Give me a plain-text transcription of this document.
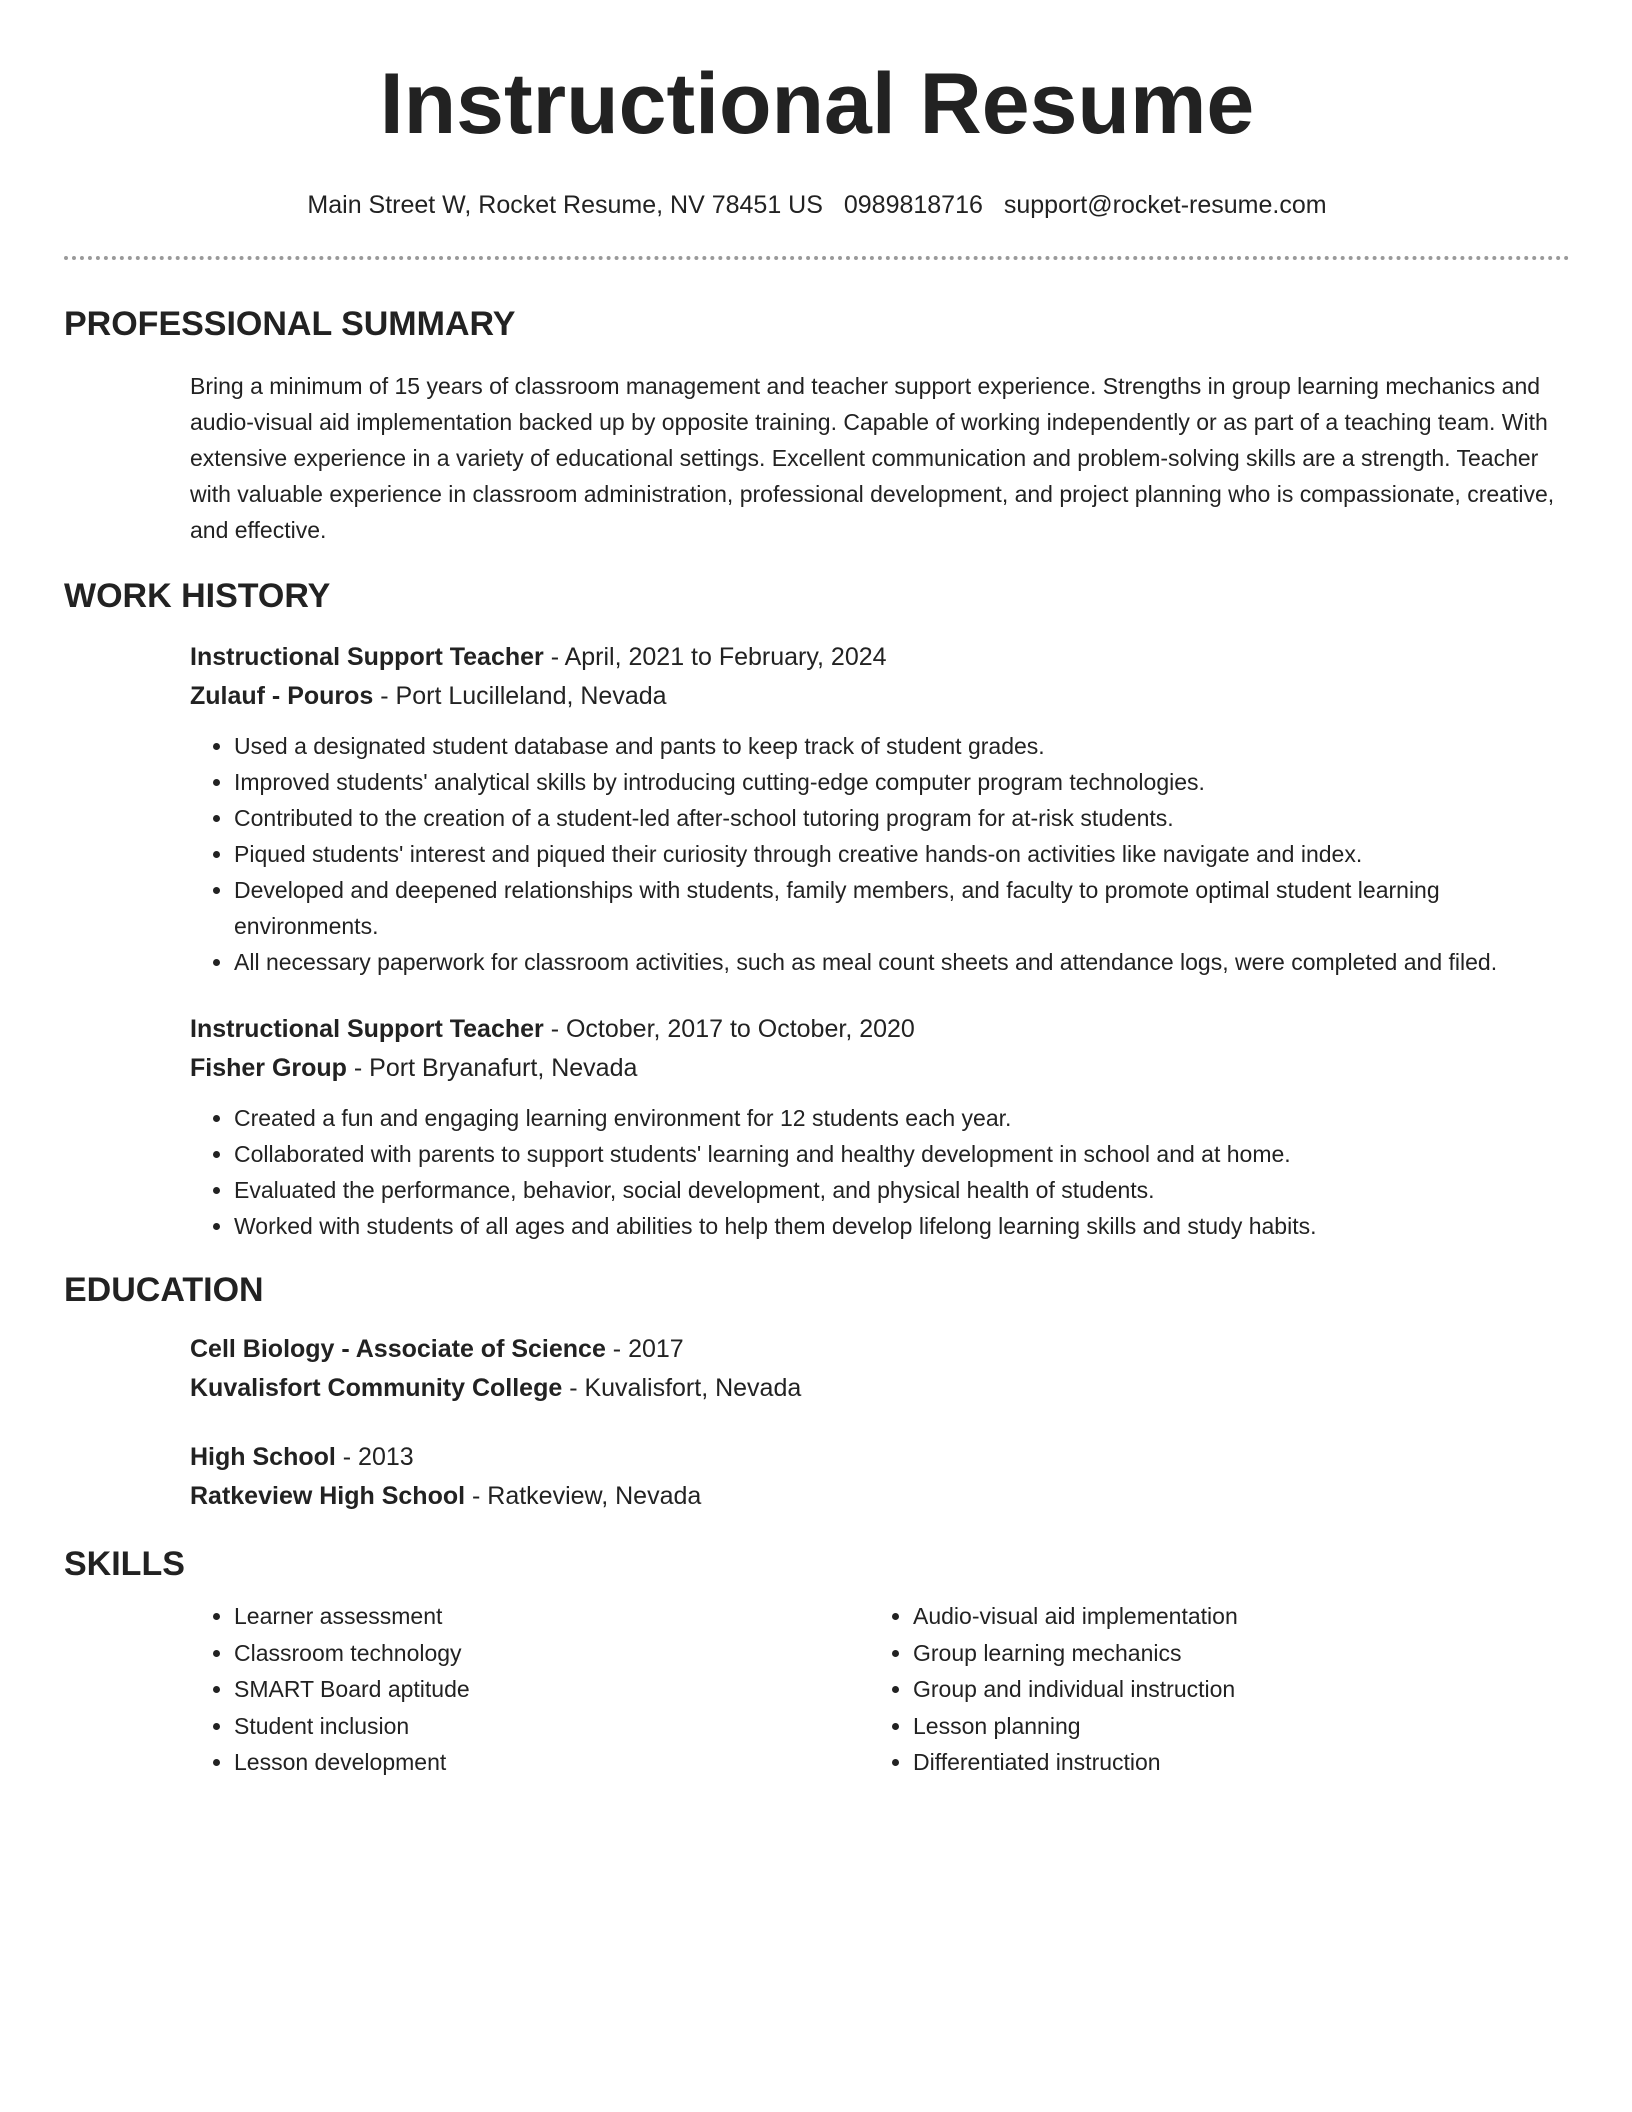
Instructional Resume
Main Street W, Rocket Resume, NV 78451 US 0989818716 support@rocket-resume.com
PROFESSIONAL SUMMARY
Bring a minimum of 15 years of classroom management and teacher support experience. Strengths in group learning mechanics and audio-visual aid implementation backed up by opposite training. Capable of working independently or as part of a teaching team. With extensive experience in a variety of educational settings. Excellent communication and problem-solving skills are a strength. Teacher with valuable experience in classroom administration, professional development, and project planning who is compassionate, creative, and effective.
WORK HISTORY
Instructional Support Teacher - April, 2021 to February, 2024
Zulauf - Pouros - Port Lucilleland, Nevada
• Used a designated student database and pants to keep track of student grades.
• Improved students' analytical skills by introducing cutting-edge computer program technologies.
• Contributed to the creation of a student-led after-school tutoring program for at-risk students.
• Piqued students' interest and piqued their curiosity through creative hands-on activities like navigate and index.
• Developed and deepened relationships with students, family members, and faculty to promote optimal student learning environments.
• All necessary paperwork for classroom activities, such as meal count sheets and attendance logs, were completed and filed.
Instructional Support Teacher - October, 2017 to October, 2020
Fisher Group - Port Bryanafurt, Nevada
• Created a fun and engaging learning environment for 12 students each year.
• Collaborated with parents to support students' learning and healthy development in school and at home.
• Evaluated the performance, behavior, social development, and physical health of students.
• Worked with students of all ages and abilities to help them develop lifelong learning skills and study habits.
EDUCATION
Cell Biology - Associate of Science - 2017
Kuvalisfort Community College - Kuvalisfort, Nevada
High School - 2013
Ratkeview High School - Ratkeview, Nevada
SKILLS
• Learner assessment
• Classroom technology
• SMART Board aptitude
• Student inclusion
• Lesson development
• Audio-visual aid implementation
• Group learning mechanics
• Group and individual instruction
• Lesson planning
• Differentiated instruction
